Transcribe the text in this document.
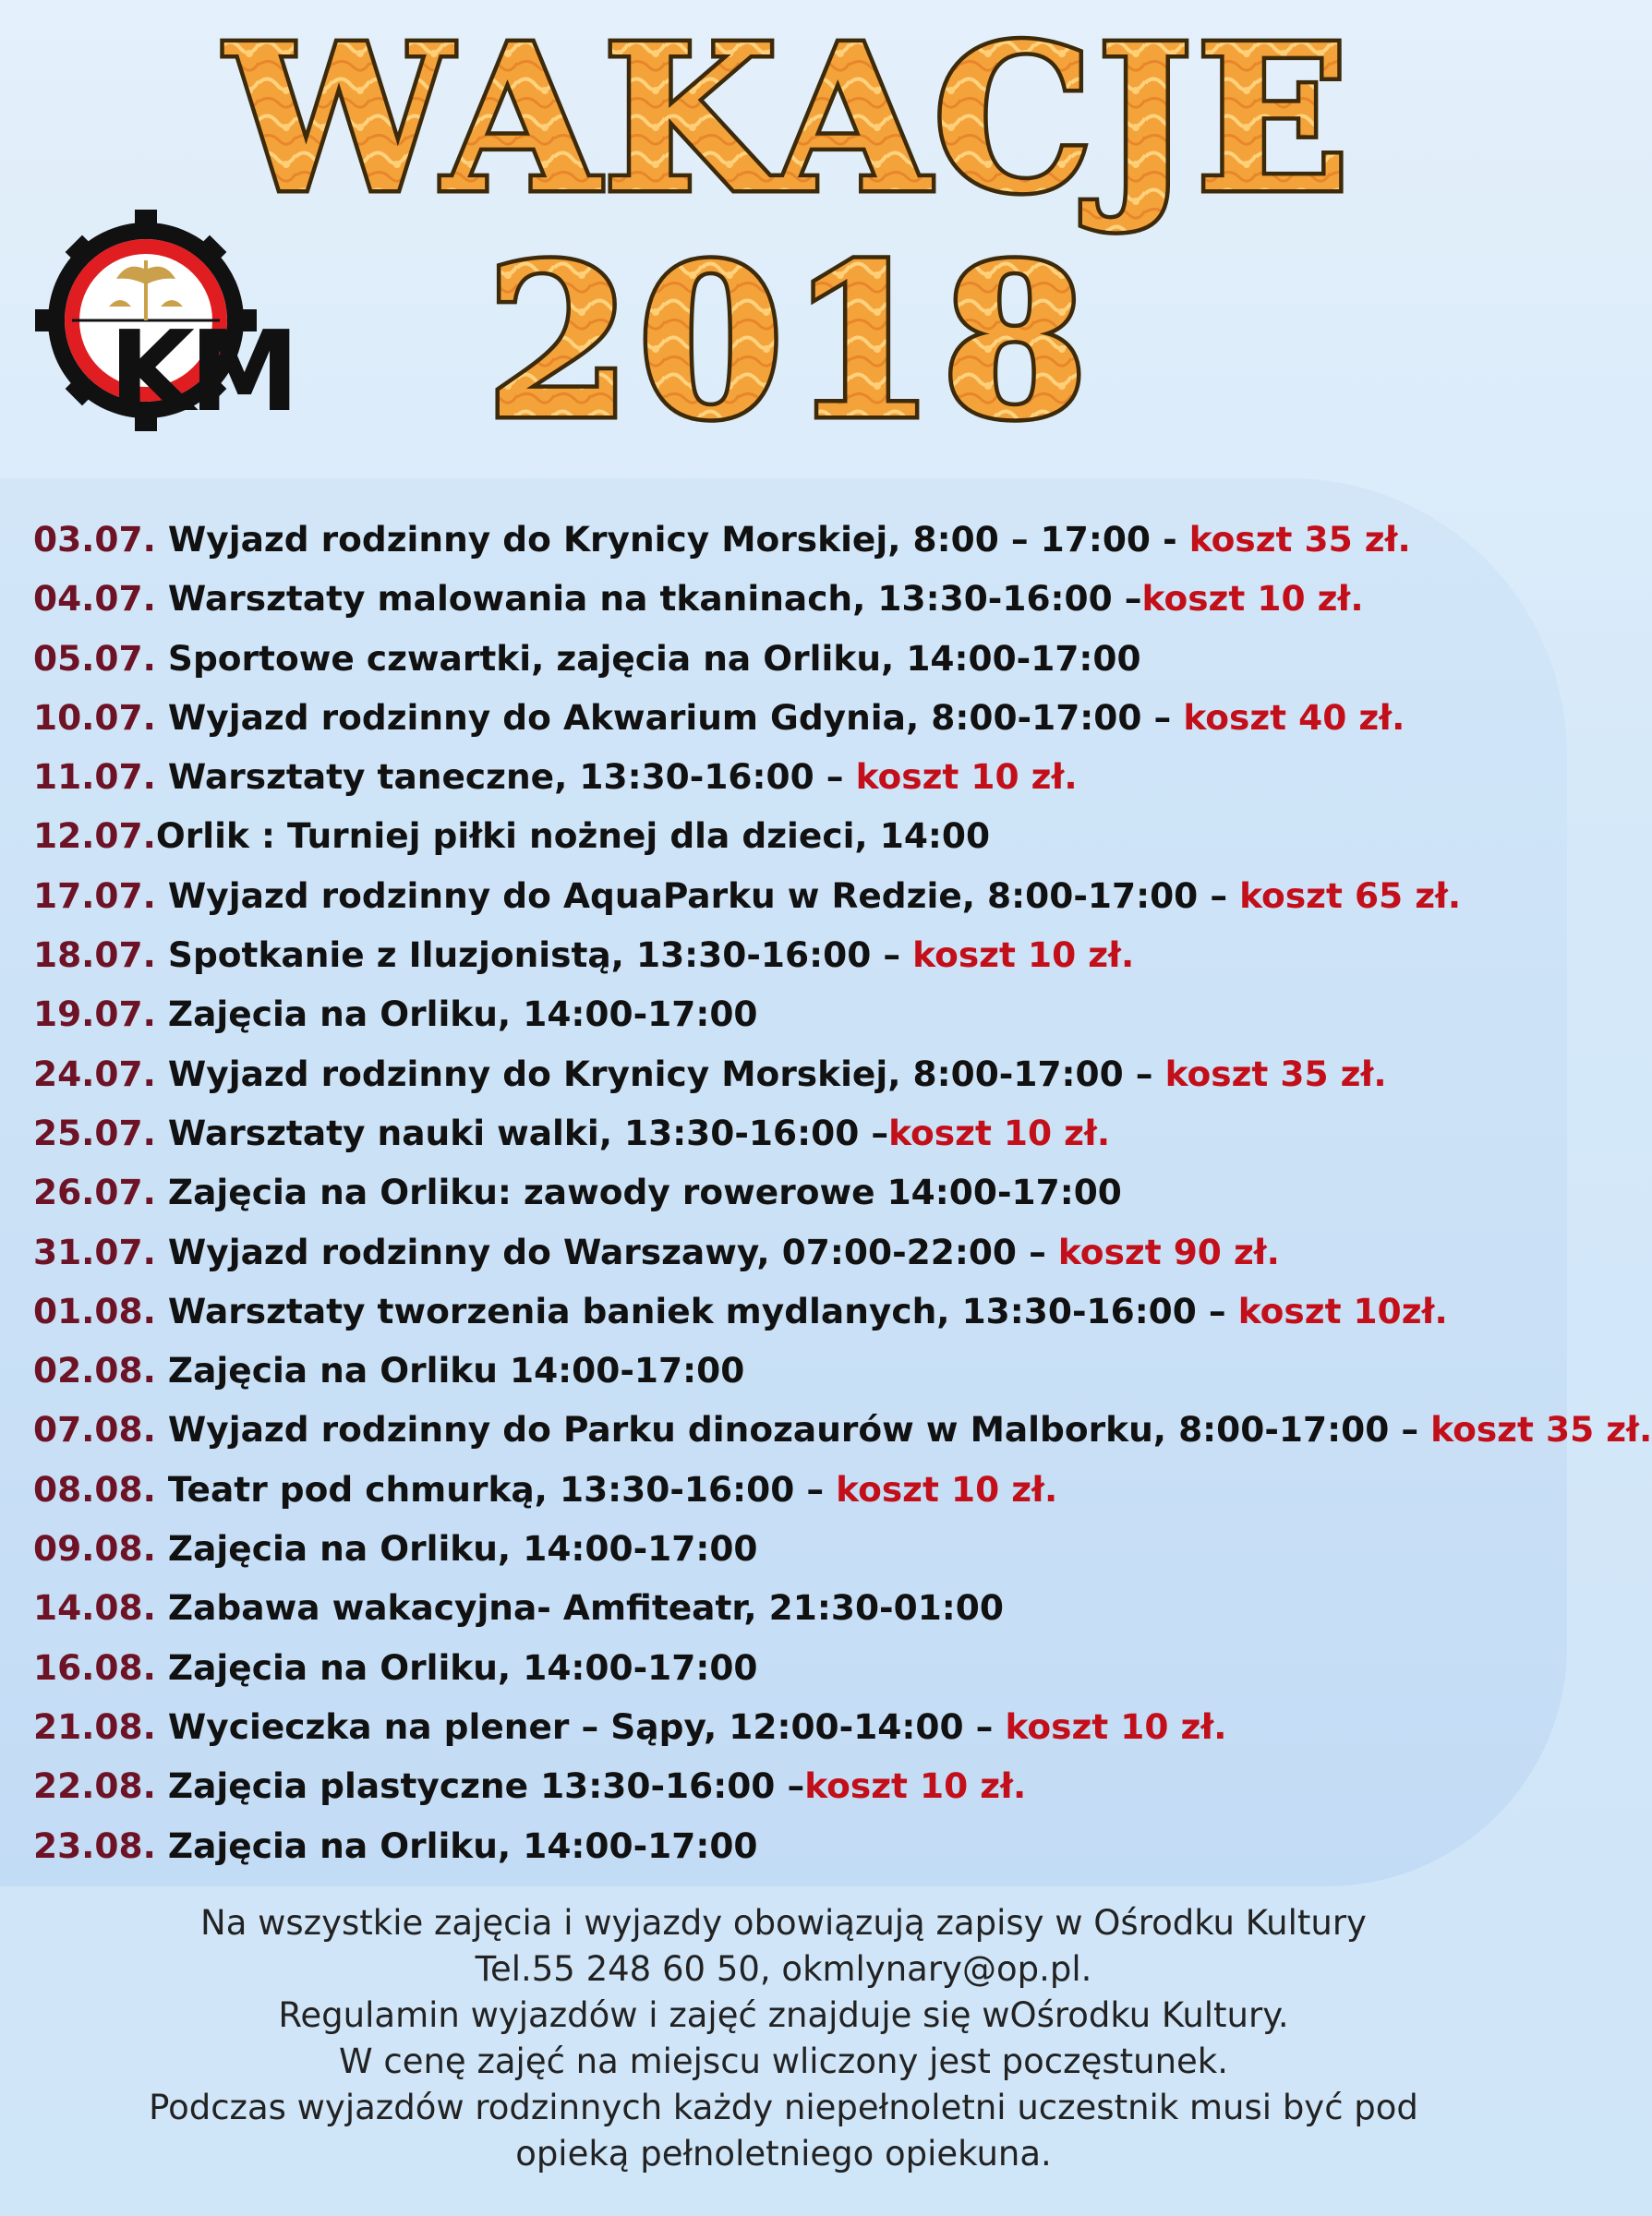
WAKACJE
2018
KM
03.07. Wyjazd rodzinny do Krynicy Morskiej, 8:00 – 17:00 - koszt 35 zł.
04.07. Warsztaty malowania na tkaninach, 13:30-16:00 –koszt 10 zł.
05.07. Sportowe czwartki, zajęcia na Orliku, 14:00-17:00
10.07. Wyjazd rodzinny do Akwarium Gdynia, 8:00-17:00 – koszt 40 zł.
11.07. Warsztaty taneczne, 13:30-16:00 – koszt 10 zł.
12.07.Orlik : Turniej piłki nożnej dla dzieci, 14:00
17.07. Wyjazd rodzinny do AquaParku w Redzie, 8:00-17:00 – koszt 65 zł.
18.07. Spotkanie z Iluzjonistą, 13:30-16:00 – koszt 10 zł.
19.07. Zajęcia na Orliku, 14:00-17:00
24.07. Wyjazd rodzinny do Krynicy Morskiej, 8:00-17:00 – koszt 35 zł.
25.07. Warsztaty nauki walki, 13:30-16:00 –koszt 10 zł.
26.07. Zajęcia na Orliku: zawody rowerowe 14:00-17:00
31.07. Wyjazd rodzinny do Warszawy, 07:00-22:00 – koszt 90 zł.
01.08. Warsztaty tworzenia baniek mydlanych, 13:30-16:00 – koszt 10zł.
02.08. Zajęcia na Orliku 14:00-17:00
07.08. Wyjazd rodzinny do Parku dinozaurów w Malborku, 8:00-17:00 – koszt 35 zł.
08.08. Teatr pod chmurką, 13:30-16:00 – koszt 10 zł.
09.08. Zajęcia na Orliku, 14:00-17:00
14.08. Zabawa wakacyjna- Amfiteatr, 21:30-01:00
16.08. Zajęcia na Orliku, 14:00-17:00
21.08. Wycieczka na plener – Sąpy, 12:00-14:00 – koszt 10 zł.
22.08. Zajęcia plastyczne 13:30-16:00 –koszt 10 zł.
23.08. Zajęcia na Orliku, 14:00-17:00
Na wszystkie zajęcia i wyjazdy obowiązują zapisy w Ośrodku Kultury
Tel.55 248 60 50, okmlynary@op.pl.
Regulamin wyjazdów i zajęć znajduje się wOśrodku Kultury.
W cenę zajęć na miejscu wliczony jest poczęstunek.
Podczas wyjazdów rodzinnych każdy niepełnoletni uczestnik musi być pod
opieką pełnoletniego opiekuna.
